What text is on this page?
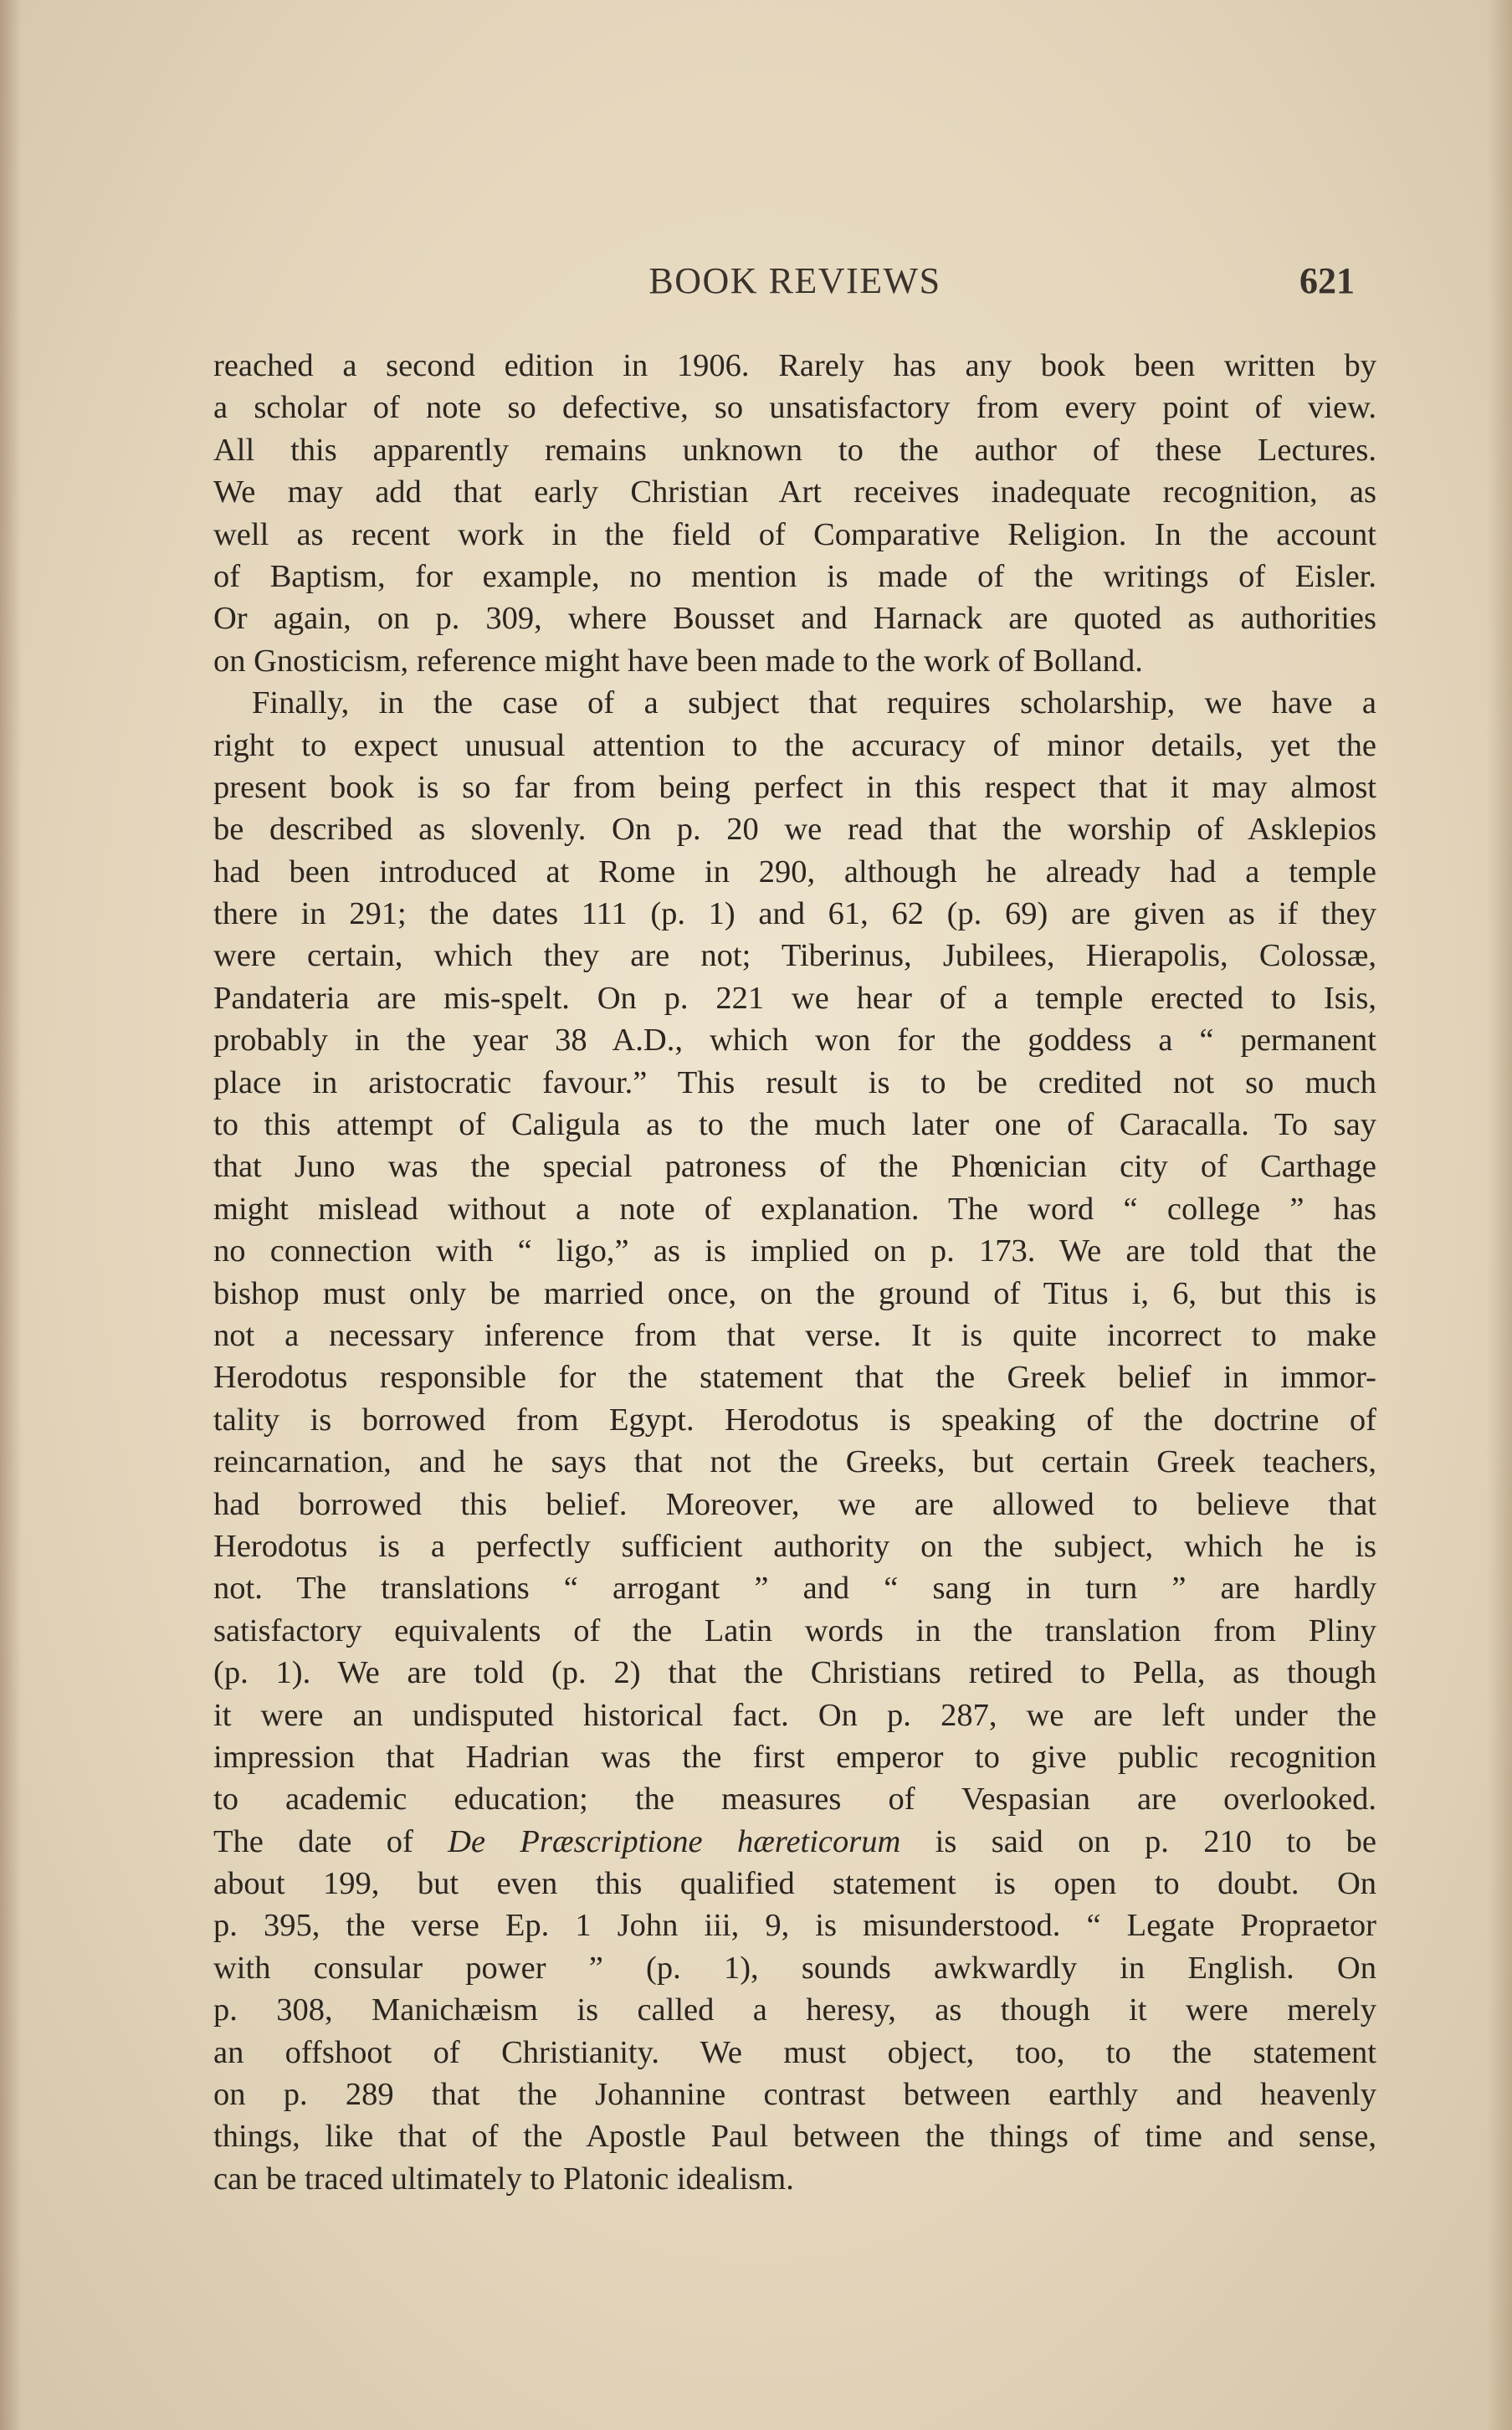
BOOK REVIEWS	621
reached a second edition in 1906. Rarely has any book been written by
a scholar of note so defective, so unsatisfactory from every point of view.
All this apparently remains unknown to the author of these Lectures.
We may add that early Christian Art receives inadequate recognition, as
well as recent work in the field of Comparative Religion. In the account
of Baptism, for example, no mention is made of the writings of Eisler.
Or again, on p. 309, where Bousset and Harnack are quoted as authorities
on Gnosticism, reference might have been made to the work of Bolland.
Finally, in the case of a subject that requires scholarship, we have a
right to expect unusual attention to the accuracy of minor details, yet the
present book is so far from being perfect in this respect that it may almost
be described as slovenly. On p. 20 we read that the worship of Asklepios
had been introduced at Rome in 290, although he already had a temple
there in 291; the dates 111 (p. 1) and 61, 62 (p. 69) are given as if they
were certain, which they are not; Tiberinus, Jubilees, Hierapolis, Colossæ,
Pandateria are mis-spelt. On p. 221 we hear of a temple erected to Isis,
probably in the year 38 A.D., which won for the goddess a “ permanent
place in aristocratic favour.” This result is to be credited not so much
to this attempt of Caligula as to the much later one of Caracalla. To say
that Juno was the special patroness of the Phœnician city of Carthage
might mislead without a note of explanation. The word “ college ” has
no connection with “ ligo,” as is implied on p. 173. We are told that the
bishop must only be married once, on the ground of Titus i, 6, but this is
not a necessary inference from that verse. It is quite incorrect to make
Herodotus responsible for the statement that the Greek belief in immor-
tality is borrowed from Egypt. Herodotus is speaking of the doctrine of
reincarnation, and he says that not the Greeks, but certain Greek teachers,
had borrowed this belief. Moreover, we are allowed to believe that
Herodotus is a perfectly sufficient authority on the subject, which he is
not. The translations “ arrogant ” and “ sang in turn ” are hardly
satisfactory equivalents of the Latin words in the translation from Pliny
(p. 1). We are told (p. 2) that the Christians retired to Pella, as though
it were an undisputed historical fact. On p. 287, we are left under the
impression that Hadrian was the first emperor to give public recognition
to academic education; the measures of Vespasian are overlooked.
The date of De Præscriptione hæreticorum is said on p. 210 to be
about 199, but even this qualified statement is open to doubt. On
p. 395, the verse Ep. 1 John iii, 9, is misunderstood. “ Legate Propraetor
with consular power ” (p. 1), sounds awkwardly in English. On
p. 308, Manichæism is called a heresy, as though it were merely
an offshoot of Christianity. We must object, too, to the statement
on p. 289 that the Johannine contrast between earthly and heavenly
things, like that of the Apostle Paul between the things of time and sense,
can be traced ultimately to Platonic idealism.
